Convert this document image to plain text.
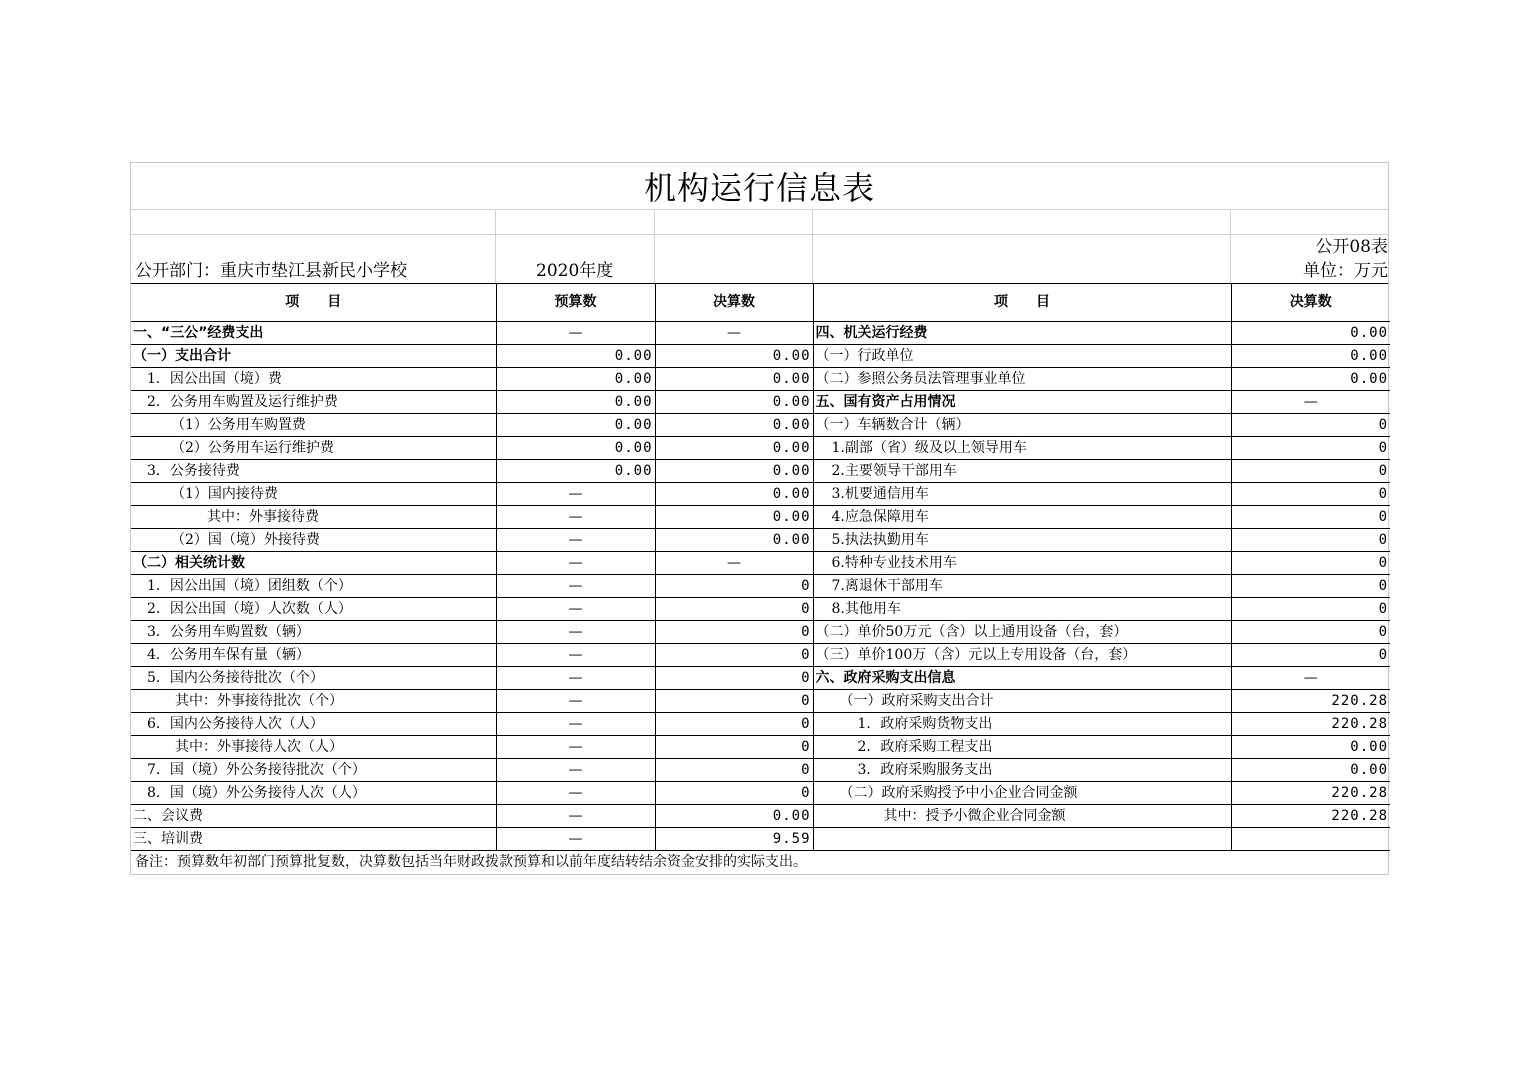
机构运行信息表
公开08表
公开部门：重庆市垫江县新民小学校	2020年度	单位：万元
项　　目	预算数	决算数	项　　目	决算数
一、“三公”经费支出	—	—	四、机关运行经费	0.00
（一）支出合计	0.00	0.00	（一）行政单位	0.00
1．因公出国（境）费	0.00	0.00	（二）参照公务员法管理事业单位	0.00
2．公务用车购置及运行维护费	0.00	0.00	五、国有资产占用情况	—
（1）公务用车购置费	0.00	0.00	（一）车辆数合计（辆）	0
（2）公务用车运行维护费	0.00	0.00	1.副部（省）级及以上领导用车	0
3．公务接待费	0.00	0.00	2.主要领导干部用车	0
（1）国内接待费	—	0.00	3.机要通信用车	0
其中：外事接待费	—	0.00	4.应急保障用车	0
（2）国（境）外接待费	—	0.00	5.执法执勤用车	0
（二）相关统计数	—	—	6.特种专业技术用车	0
1．因公出国（境）团组数（个）	—	0	7.离退休干部用车	0
2．因公出国（境）人次数（人）	—	0	8.其他用车	0
3．公务用车购置数（辆）	—	0	（二）单价50万元（含）以上通用设备（台，套）	0
4．公务用车保有量（辆）	—	0	（三）单价100万（含）元以上专用设备（台，套）	0
5．国内公务接待批次（个）	—	0	六、政府采购支出信息	—
其中：外事接待批次（个）	—	0	（一）政府采购支出合计	220.28
6．国内公务接待人次（人）	—	0	1．政府采购货物支出	220.28
其中：外事接待人次（人）	—	0	2．政府采购工程支出	0.00
7．国（境）外公务接待批次（个）	—	0	3．政府采购服务支出	0.00
8．国（境）外公务接待人次（人）	—	0	（二）政府采购授予中小企业合同金额	220.28
二、会议费	—	0.00	其中：授予小微企业合同金额	220.28
三、培训费	—	9.59		
备注：预算数年初部门预算批复数，决算数包括当年财政拨款预算和以前年度结转结余资金安排的实际支出。
